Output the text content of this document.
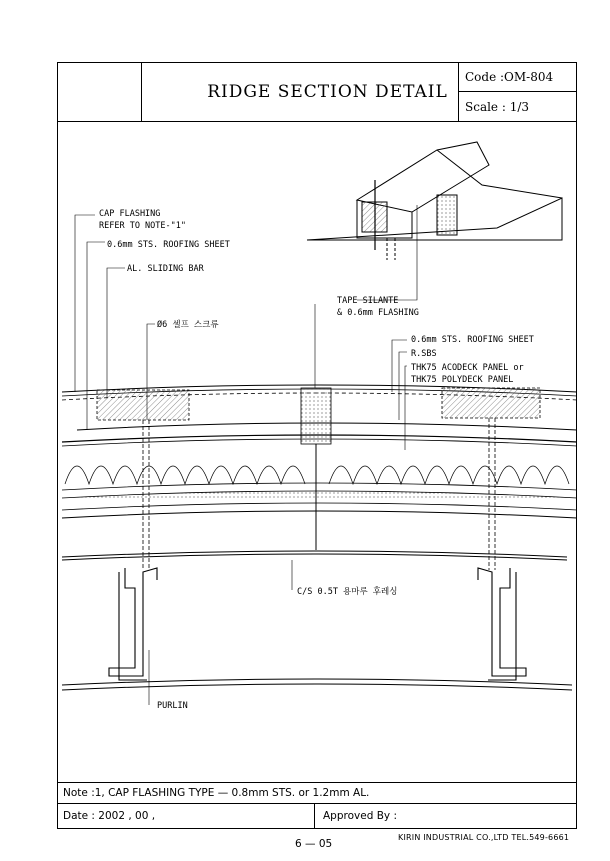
RIDGE SECTION DETAIL
Code :OM-804
Scale : 1/3
Note :1, CAP FLASHING TYPE — 0.8mm STS. or 1.2mm AL.
Date : 2002 , 00 ,	Approved By :
CAP FLASHING
REFER TO NOTE-"1"
0.6mm STS. ROOFING SHEET
AL. SLIDING BAR
TAPE SILANTE
& 0.6mm FLASHING
Ø6 셀프 스크류
0.6mm STS. ROOFING SHEET
R.SBS
THK75 ACODECK PANEL or
THK75 POLYDECK PANEL
C/S 0.5T 용마루 후레싱
PURLIN
6 — 05
KIRIN INDUSTRIAL CO.,LTD TEL.549-6661
